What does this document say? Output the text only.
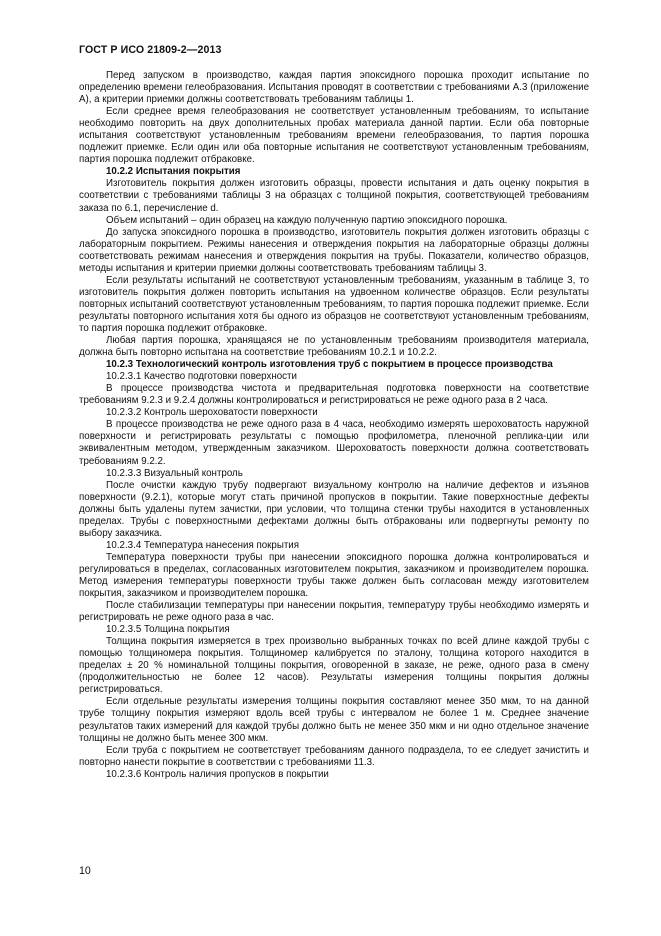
ГОСТ Р ИСО 21809-2—2013

Перед запуском в производство, каждая партия эпоксидного порошка проходит испытание по определению времени гелеобразования. Испытания проводят в соответствии с требованиями А.3 (приложение А), а критерии приемки должны соответствовать требованиям таблицы 1.

Если среднее время гелеобразования не соответствует установленным требованиям, то испытание необходимо повторить на двух дополнительных пробах материала данной партии. Если оба повторные испытания соответствуют установленным требованиям времени гелеобразования, то партия порошка подлежит приемке. Если один или оба повторные испытания не соответствуют установленным требованиям, партия порошка подлежит отбраковке.

10.2.2 Испытания покрытия

Изготовитель покрытия должен изготовить образцы, провести испытания и дать оценку покрытия в соответствии с требованиями таблицы 3 на образцах с толщиной покрытия, соответствующей требованиям заказа по 6.1, перечисление d.

Объем испытаний – один образец на каждую полученную партию эпоксидного порошка.

До запуска эпоксидного порошка в производство, изготовитель покрытия должен изготовить образцы с лабораторным покрытием. Режимы нанесения и отверждения покрытия на лабораторные образцы должны соответствовать режимам нанесения и отверждения покрытия на трубы. Показатели, количество образцов, методы испытания и критерии приемки должны соответствовать требованиям таблицы 3.

Если результаты испытаний не соответствуют установленным требованиям, указанным в таблице 3, то изготовитель покрытия должен повторить испытания на удвоенном количестве образцов. Если результаты повторных испытаний соответствуют установленным требованиям, то партия порошка подлежит приемке. Если результаты повторного испытания хотя бы одного из образцов не соответствуют установленным требованиям, то партия порошка подлежит отбраковке.

Любая партия порошка, хранящаяся не по установленным требованиям производителя материала, должна быть повторно испытана на соответствие требованиям 10.2.1 и 10.2.2.

10.2.3 Технологический контроль изготовления труб с покрытием в процессе производства

10.2.3.1 Качество подготовки поверхности

В процессе производства чистота и предварительная подготовка поверхности на соответствие требованиям 9.2.3 и 9.2.4 должны контролироваться и регистрироваться не реже одного раза в 2 часа.

10.2.3.2 Контроль шероховатости поверхности

В процессе производства не реже одного раза в 4 часа, необходимо измерять шероховатость наружной поверхности и регистрировать результаты с помощью профилометра, пленочной реплика-ции или эквивалентным методом, утвержденным заказчиком. Шероховатость поверхности должна соответствовать требованиям 9.2.2.

10.2.3.3 Визуальный контроль

После очистки каждую трубу подвергают визуальному контролю на наличие дефектов и изъянов поверхности (9.2.1), которые могут стать причиной пропусков в покрытии. Такие поверхностные дефекты должны быть удалены путем зачистки, при условии, что толщина стенки трубы находится в установленных пределах. Трубы с поверхностными дефектами должны быть отбракованы или подвергнуты ремонту по выбору заказчика.

10.2.3.4 Температура нанесения покрытия

Температура поверхности трубы при нанесении эпоксидного порошка должна контролироваться и регулироваться в пределах, согласованных изготовителем покрытия, заказчиком и производителем порошка. Метод измерения температуры поверхности трубы также должен быть согласован между изготовителем покрытия, заказчиком и производителем порошка.

После стабилизации температуры при нанесении покрытия, температуру трубы необходимо измерять и регистрировать не реже одного раза в час.

10.2.3.5 Толщина покрытия

Толщина покрытия измеряется в трех произвольно выбранных точках по всей длине каждой трубы с помощью толщиномера покрытия. Толщиномер калибруется по эталону, толщина которого находится в пределах ± 20 % номинальной толщины покрытия, оговоренной в заказе, не реже, одного раза в смену (продолжительностью не более 12 часов). Результаты измерения толщины покрытия должны регистрироваться.

Если отдельные результаты измерения толщины покрытия составляют менее 350 мкм, то на данной трубе толщину покрытия измеряют вдоль всей трубы с интервалом не более 1 м. Среднее значение результатов таких измерений для каждой трубы должно быть не менее 350 мкм и ни одно отдельное значение толщины не должно быть менее 300 мкм.

Если труба с покрытием не соответствует требованиям данного подраздела, то ее следует зачистить и повторно нанести покрытие в соответствии с требованиями 11.3.

10.2.3.6 Контроль наличия пропусков в покрытии

10
